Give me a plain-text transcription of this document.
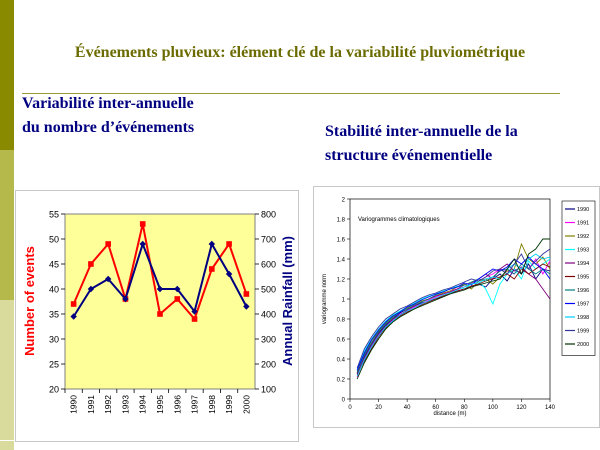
Événements pluvieux: élément clé de la variabilité pluviométrique
Variabilité inter-annuelle
du nombre d’événements	Stabilité inter-annuelle de la
structure événementielle
20
25
30
35
40
45
50
55
100
200
300
400
500
600
700
800
1990 1991 1992 1993 1994 1995 1996 1997 1998 1999 2000
Number of events	Annual Rainfall (mm)
0
0.2
0.4
0.6
0.8
1
1.2
1.4
1.6
1.8
2
0	20	40	60	80	100	120	140
Variogrammes climatologiques
distance (m)
variogramme norm
1990
1991
1992
1993
1994
1995
1996
1997
1998
1999
2000
